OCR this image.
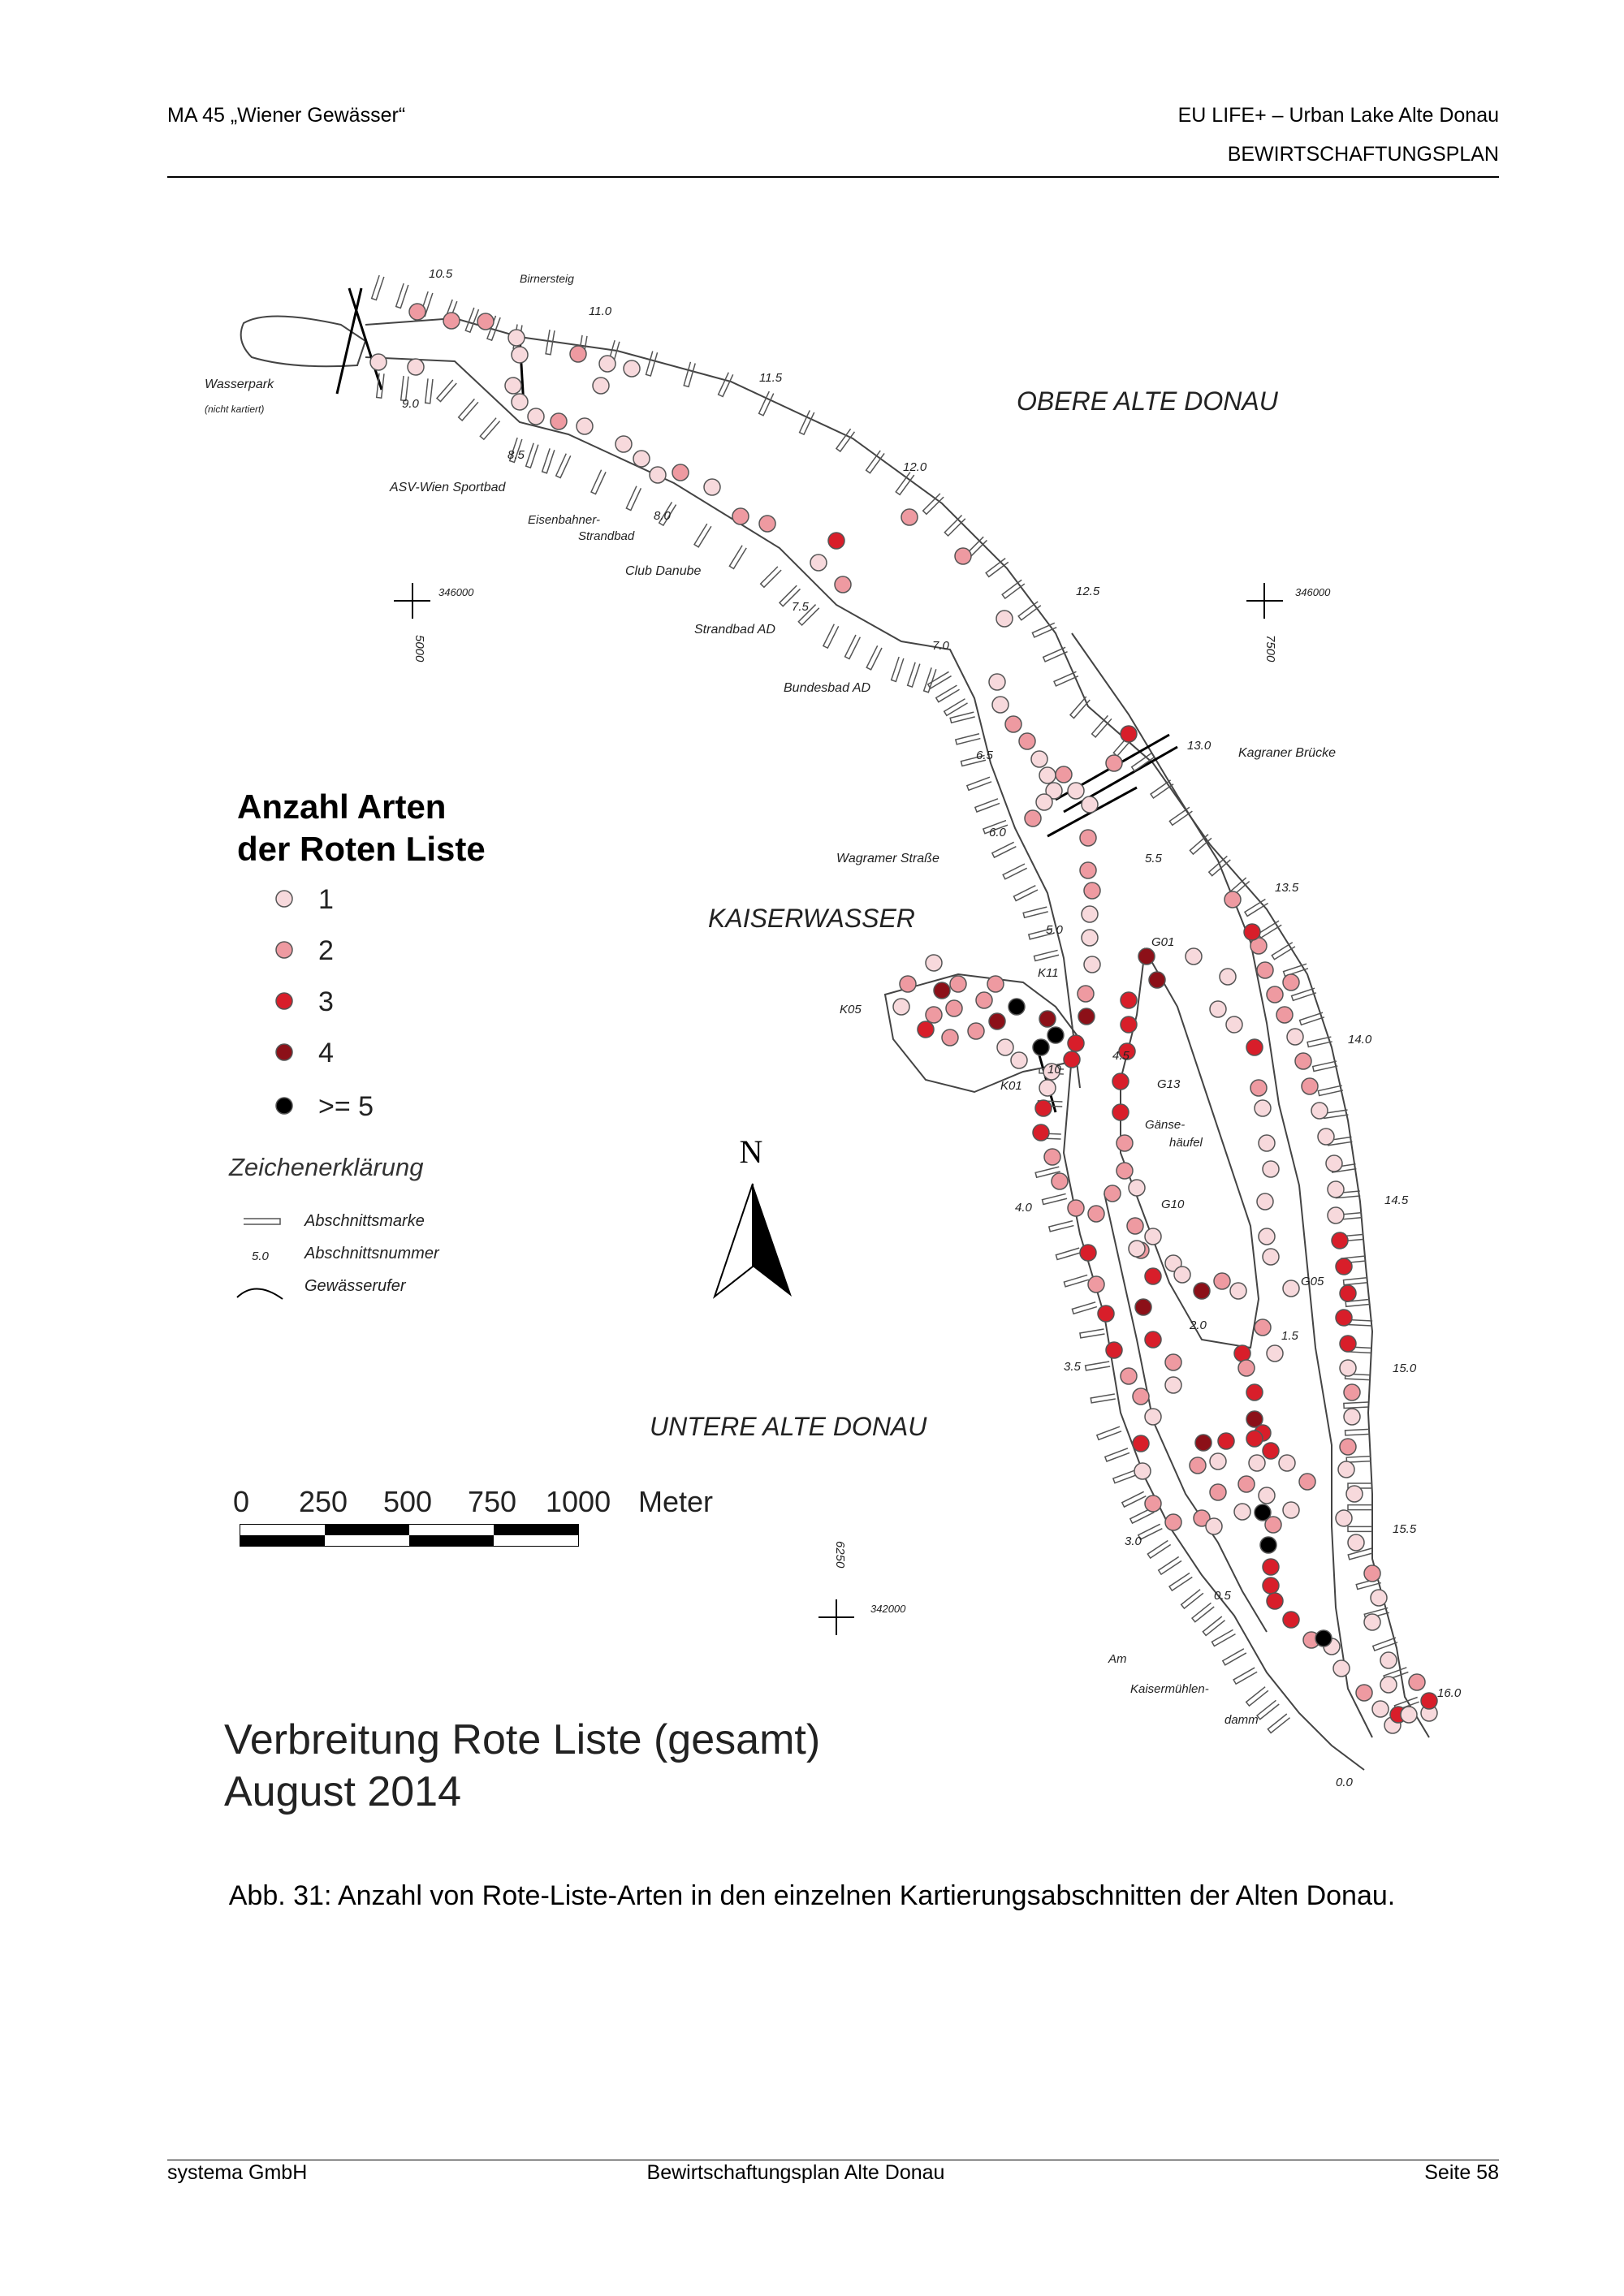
MA 45 „Wiener Gewässer“	EU LIFE+ – Urban Lake Alte Donau
BEWIRTSCHAFTUNGSPLAN
OBERE ALTE DONAU
KAISERWASSER
UNTERE ALTE DONAU
Wasserpark
(nicht kartiert)
Birnersteig
ASV-Wien Sportbad
Eisenbahner-
Strandbad
Club Danube
Strandbad AD
Bundesbad AD
Wagramer Straße
Kagraner Brücke
Gänse-
häufel
Am
Kaisermühlen-
damm
0.0
0.5
1.5
2.0
3.0
3.5
4.0
4.5
5.0
5.5
6.0
6.5
7.0
7.5
8.0
8.5
9.0
10.5
11.0
11.5
12.0
12.5
13.0
13.5
14.0
14.5
15.0
15.5
16.0
G01
G05
G10
G13
K01
K05
K11
10
346000
5000
346000
7500
342000
6250
N
Anzahl Arten
der Roten Liste
1
2
3
4
>= 5
Zeichenerklärung
Abschnittsmarke
5.0 Abschnittsnummer
Gewässerufer
0 250 500 750 1000 Meter
Verbreitung Rote Liste (gesamt)
August 2014
Abb. 31: Anzahl von Rote-Liste-Arten in den einzelnen Kartierungsabschnitten der Alten Donau.
systema GmbH	Bewirtschaftungsplan Alte Donau	Seite 58
